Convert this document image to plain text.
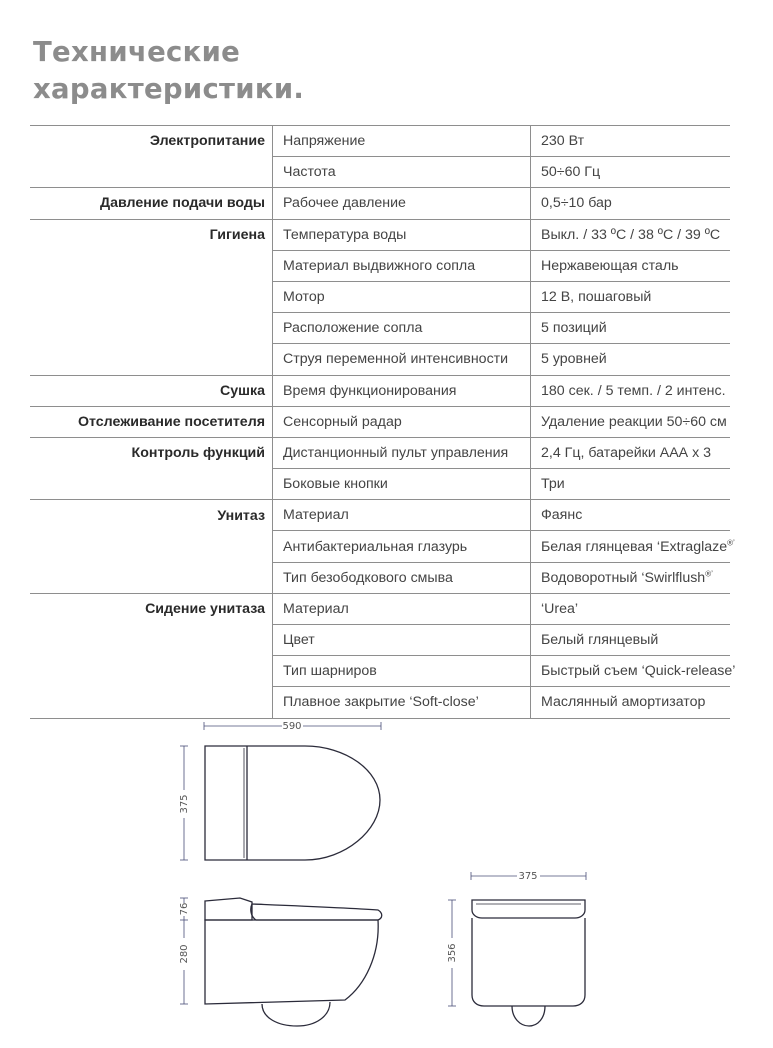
Технические
характеристики.
Электропитание	Напряжение	230 Вт
	Частота	50÷60 Гц
Давление подачи воды	Рабочее давление	0,5÷10 бар
Гигиена	Температура воды	Выкл. / 33 ºC / 38 ºC / 39 ºC
	Материал выдвижного сопла	Нержавеющая сталь
	Мотор	12 В, пошаговый
	Расположение сопла	5 позиций
	Струя переменной интенсивности	5 уровней
Сушка	Время функционирования	180 сек. / 5 темп. / 2 интенс.
Отслеживание посетителя	Сенсорный радар	Удаление реакции 50÷60 см
Контроль функций	Дистанционный пульт управления	2,4 Гц, батарейки ААА x 3
	Боковые кнопки	Три
Унитаз	Материал	Фаянс
	Антибактериальная глазурь	Белая глянцевая ‘Extraglaze®’
	Тип безободкового смыва	Водоворотный ‘Swirlflush®’
Сидение унитаза	Материал	‘Urea’
	Цвет	Белый глянцевый
	Тип шарниров	Быстрый съем ‘Quick-release’
	Плавное закрытие ‘Soft-close’	Маслянный амортизатор
590
375
76
280
375
356
